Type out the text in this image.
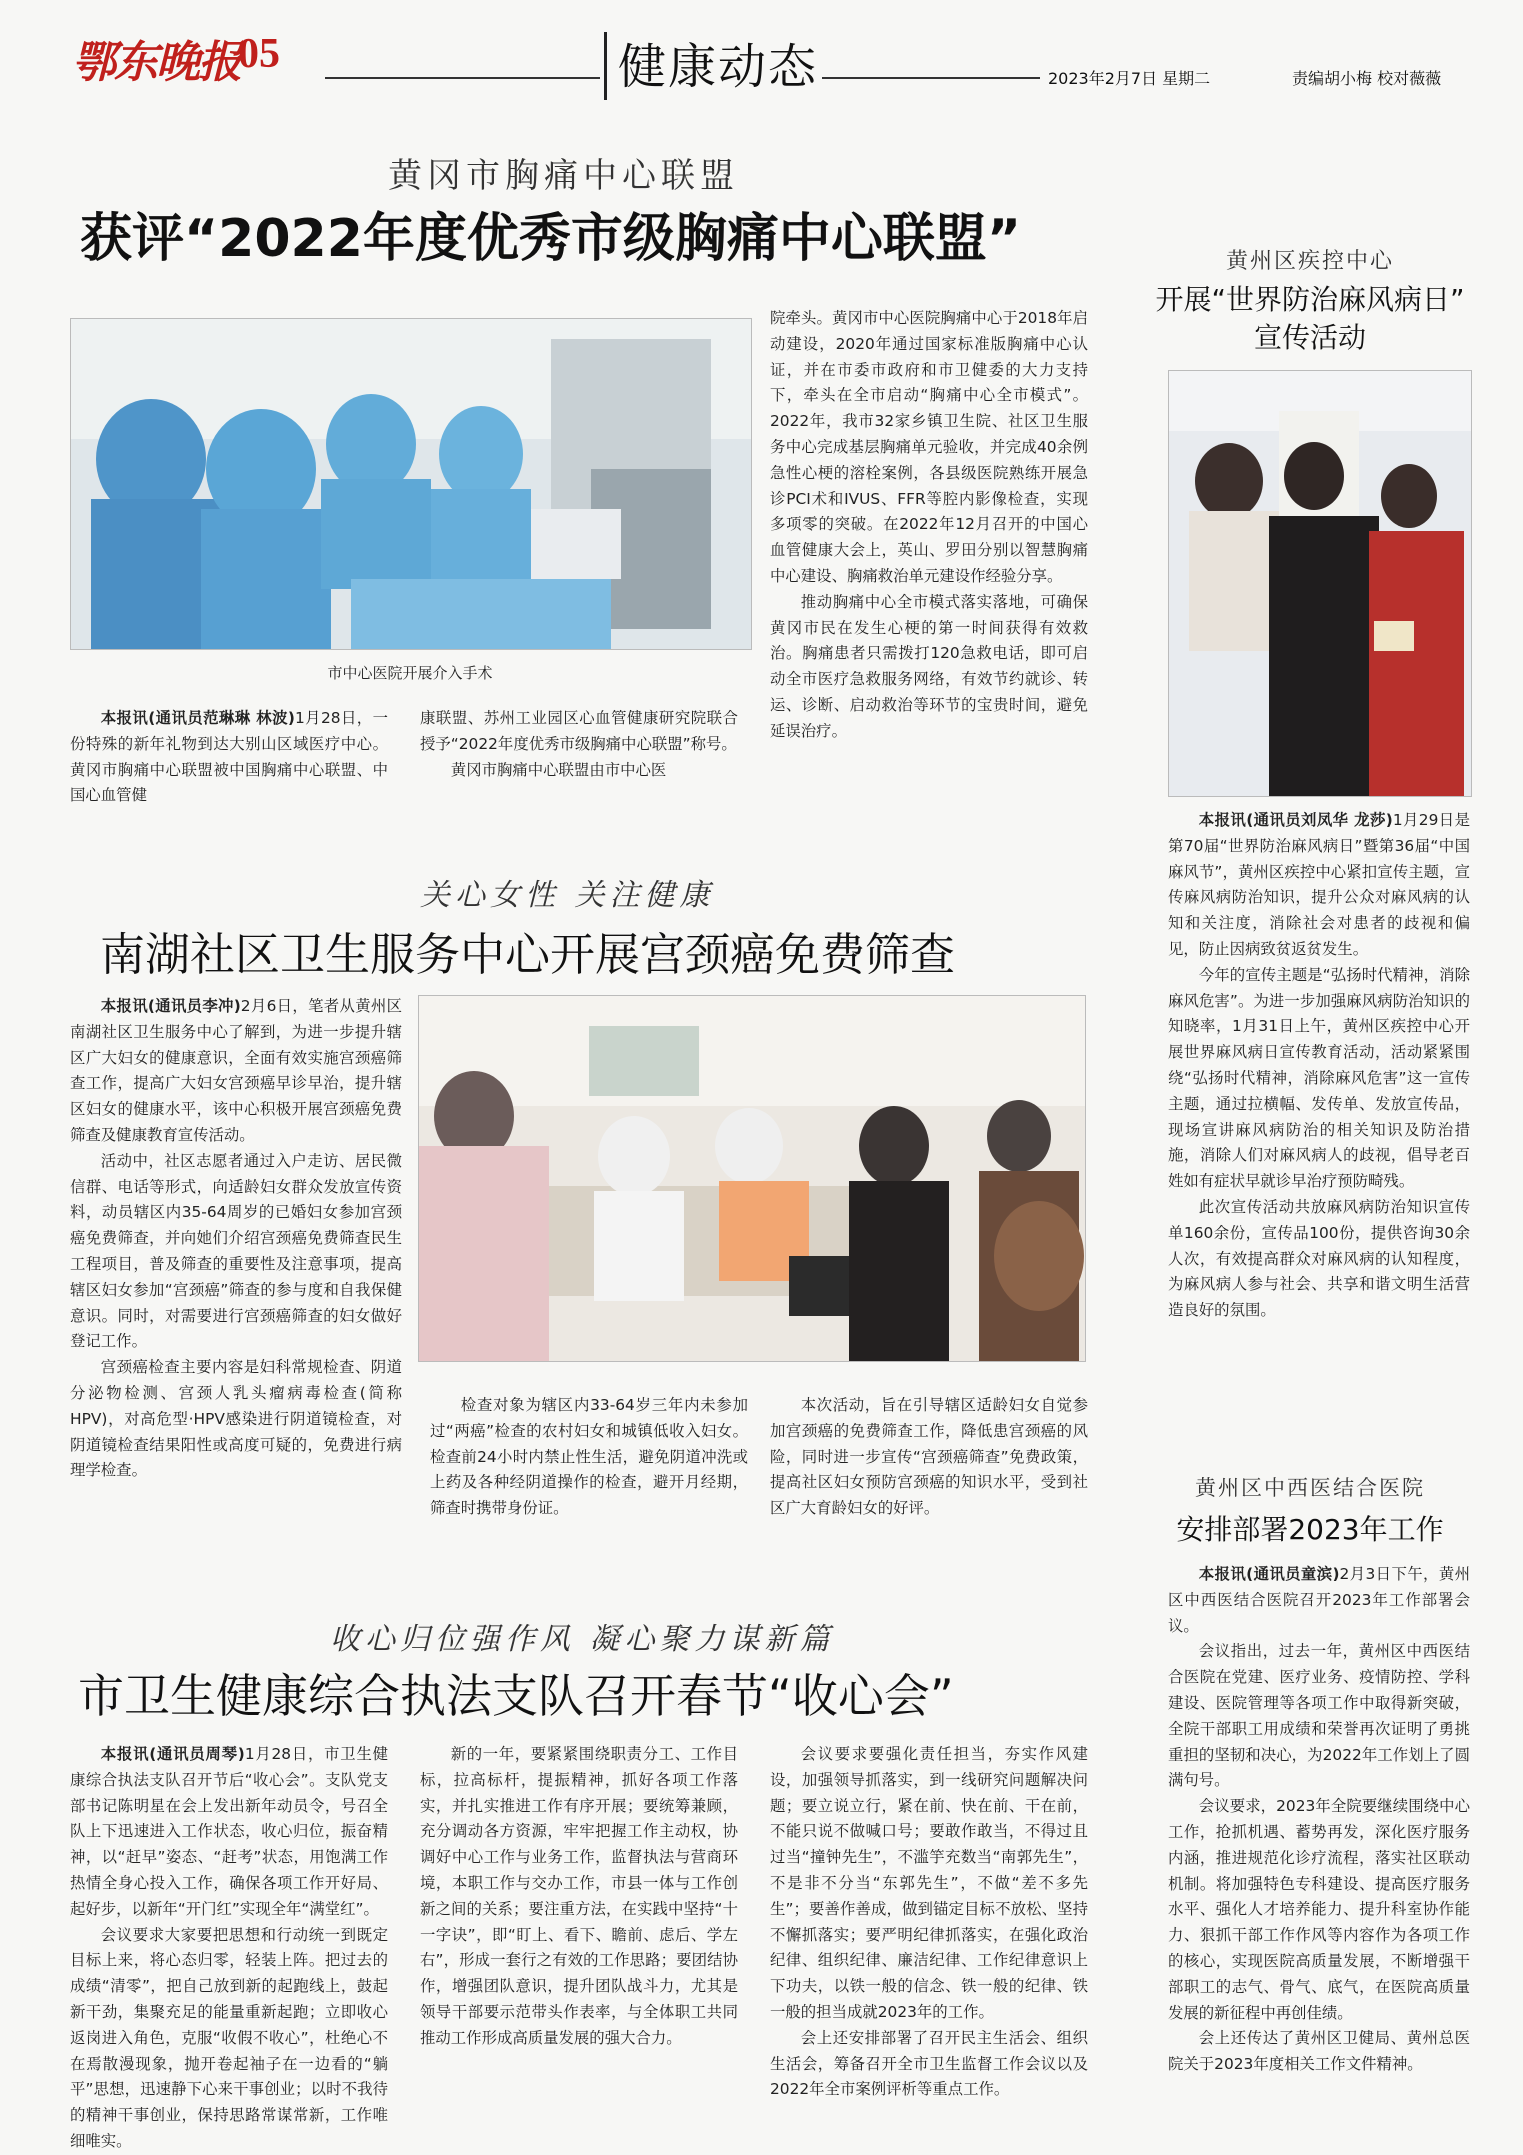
鄂东晚报
05	健康动态	2023年2月7日 星期二	责编胡小梅 校对薇薇
黄冈市胸痛中心联盟
获评“2022年度优秀市级胸痛中心联盟”
市中心医院开展介入手术

本报讯(通讯员范琳琳 林波)1月28日，一份特殊的新年礼物到达大别山区域医疗中心。黄冈市胸痛中心联盟被中国胸痛中心联盟、中国心血管健

康联盟、苏州工业园区心血管健康研究院联合授予“2022年度优秀市级胸痛中心联盟”称号。

黄冈市胸痛中心联盟由市中心医

院牵头。黄冈市中心医院胸痛中心于2018年启动建设，2020年通过国家标准版胸痛中心认证，并在市委市政府和市卫健委的大力支持下，牵头在全市启动“胸痛中心全市模式”。2022年，我市32家乡镇卫生院、社区卫生服务中心完成基层胸痛单元验收，并完成40余例急性心梗的溶栓案例，各县级医院熟练开展急诊PCI术和IVUS、FFR等腔内影像检查，实现多项零的突破。在2022年12月召开的中国心血管健康大会上，英山、罗田分别以智慧胸痛中心建设、胸痛救治单元建设作经验分享。

推动胸痛中心全市模式落实落地，可确保黄冈市民在发生心梗的第一时间获得有效救治。胸痛患者只需拨打120急救电话，即可启动全市医疗急救服务网络，有效节约就诊、转运、诊断、启动救治等环节的宝贵时间，避免延误治疗。

关心女性 关注健康
南湖社区卫生服务中心开展宫颈癌免费筛查

本报讯(通讯员李冲)2月6日，笔者从黄州区南湖社区卫生服务中心了解到，为进一步提升辖区广大妇女的健康意识，全面有效实施宫颈癌筛查工作，提高广大妇女宫颈癌早诊早治，提升辖区妇女的健康水平，该中心积极开展宫颈癌免费筛查及健康教育宣传活动。

活动中，社区志愿者通过入户走访、居民微信群、电话等形式，向适龄妇女群众发放宣传资料，动员辖区内35-64周岁的已婚妇女参加宫颈癌免费筛查，并向她们介绍宫颈癌免费筛查民生工程项目，普及筛查的重要性及注意事项，提高辖区妇女参加“宫颈癌”筛查的参与度和自我保健意识。同时，对需要进行宫颈癌筛查的妇女做好登记工作。

宫颈癌检查主要内容是妇科常规检查、阴道分泌物检测、宫颈人乳头瘤病毒检查(简称HPV)，对高危型·HPV感染进行阴道镜检查，对阴道镜检查结果阳性或高度可疑的，免费进行病理学检查。

检查对象为辖区内33-64岁三年内未参加过“两癌”检查的农村妇女和城镇低收入妇女。检查前24小时内禁止性生活，避免阴道冲洗或上药及各种经阴道操作的检查，避开月经期，筛查时携带身份证。

本次活动，旨在引导辖区适龄妇女自觉参加宫颈癌的免费筛查工作，降低患宫颈癌的风险，同时进一步宣传“宫颈癌筛查”免费政策，提高社区妇女预防宫颈癌的知识水平，受到社区广大育龄妇女的好评。

收心归位强作风 凝心聚力谋新篇
市卫生健康综合执法支队召开春节“收心会”

本报讯(通讯员周琴)1月28日，市卫生健康综合执法支队召开节后“收心会”。支队党支部书记陈明星在会上发出新年动员令，号召全队上下迅速进入工作状态，收心归位，振奋精神，以“赶早”姿态、“赶考”状态，用饱满工作热情全身心投入工作，确保各项工作开好局、起好步，以新年“开门红”实现全年“满堂红”。

会议要求大家要把思想和行动统一到既定目标上来，将心态归零，轻装上阵。把过去的成绩“清零”，把自己放到新的起跑线上，鼓起新干劲，集聚充足的能量重新起跑；立即收心返岗进入角色，克服“收假不收心”，杜绝心不在焉散漫现象，抛开卷起袖子在一边看的“躺平”思想，迅速静下心来干事创业；以时不我待的精神干事创业，保持思路常谋常新，工作唯细唯实。

新的一年，要紧紧围绕职责分工、工作目标，拉高标杆，提振精神，抓好各项工作落实，并扎实推进工作有序开展；要统筹兼顾，充分调动各方资源，牢牢把握工作主动权，协调好中心工作与业务工作，监督执法与营商环境，本职工作与交办工作，市县一体与工作创新之间的关系；要注重方法，在实践中坚持“十一字诀”，即“盯上、看下、瞻前、虑后、学左右”，形成一套行之有效的工作思路；要团结协作，增强团队意识，提升团队战斗力，尤其是领导干部要示范带头作表率，与全体职工共同推动工作形成高质量发展的强大合力。

会议要求要强化责任担当，夯实作风建设，加强领导抓落实，到一线研究问题解决问题；要立说立行，紧在前、快在前、干在前，不能只说不做喊口号；要敢作敢当，不得过且过当“撞钟先生”，不滥竽充数当“南郭先生”，不是非不分当“东郭先生”，不做“差不多先生”；要善作善成，做到锚定目标不放松、坚持不懈抓落实；要严明纪律抓落实，在强化政治纪律、组织纪律、廉洁纪律、工作纪律意识上下功夫，以铁一般的信念、铁一般的纪律、铁一般的担当成就2023年的工作。

会上还安排部署了召开民主生活会、组织生活会，筹备召开全市卫生监督工作会议以及2022年全市案例评析等重点工作。

黄州区疾控中心
开展“世界防治麻风病日”
宣传活动

本报讯(通讯员刘凤华 龙莎)1月29日是第70届“世界防治麻风病日”暨第36届“中国麻风节”，黄州区疾控中心紧扣宣传主题，宣传麻风病防治知识，提升公众对麻风病的认知和关注度，消除社会对患者的歧视和偏见，防止因病致贫返贫发生。

今年的宣传主题是“弘扬时代精神，消除麻风危害”。为进一步加强麻风病防治知识的知晓率，1月31日上午，黄州区疾控中心开展世界麻风病日宣传教育活动，活动紧紧围绕“弘扬时代精神，消除麻风危害”这一宣传主题，通过拉横幅、发传单、发放宣传品，现场宣讲麻风病防治的相关知识及防治措施，消除人们对麻风病人的歧视，倡导老百姓如有症状早就诊早治疗预防畸残。

此次宣传活动共放麻风病防治知识宣传单160余份，宣传品100份，提供咨询30余人次，有效提高群众对麻风病的认知程度，为麻风病人参与社会、共享和谐文明生活营造良好的氛围。

黄州区中西医结合医院
安排部署2023年工作

本报讯(通讯员童滨)2月3日下午，黄州区中西医结合医院召开2023年工作部署会议。

会议指出，过去一年，黄州区中西医结合医院在党建、医疗业务、疫情防控、学科建设、医院管理等各项工作中取得新突破，全院干部职工用成绩和荣誉再次证明了勇挑重担的坚韧和决心，为2022年工作划上了圆满句号。

会议要求，2023年全院要继续围绕中心工作，抢抓机遇、蓄势再发，深化医疗服务内涵，推进规范化诊疗流程，落实社区联动机制。将加强特色专科建设、提高医疗服务水平、强化人才培养能力、提升科室协作能力、狠抓干部工作作风等内容作为各项工作的核心，实现医院高质量发展，不断增强干部职工的志气、骨气、底气，在医院高质量发展的新征程中再创佳绩。

会上还传达了黄州区卫健局、黄州总医院关于2023年度相关工作文件精神。
